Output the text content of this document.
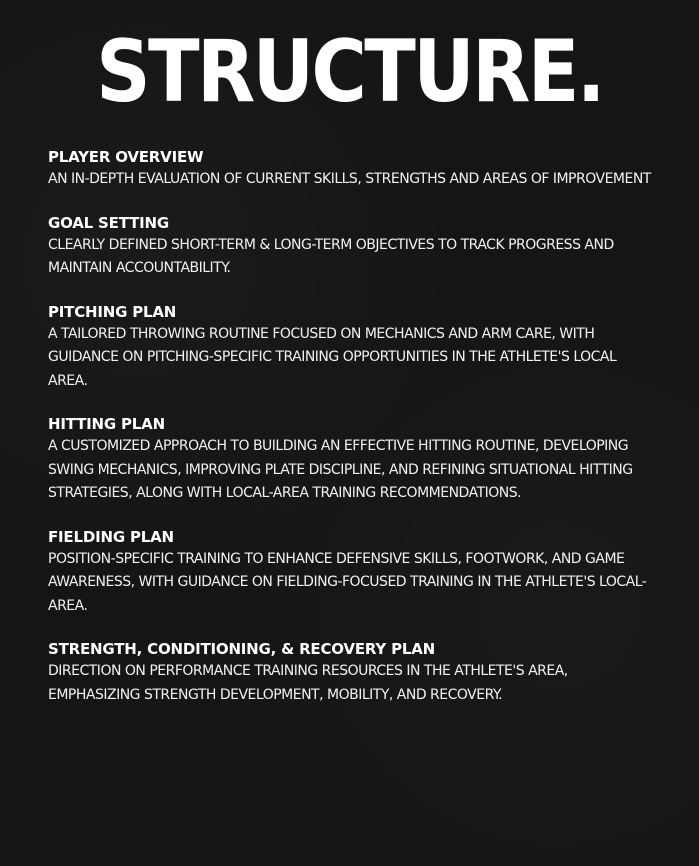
STRUCTURE.
PLAYER OVERVIEW
AN IN-DEPTH EVALUATION OF CURRENT SKILLS, STRENGTHS AND AREAS OF IMPROVEMENT
GOAL SETTING
CLEARLY DEFINED SHORT-TERM & LONG-TERM OBJECTIVES TO TRACK PROGRESS AND MAINTAIN ACCOUNTABILITY.
PITCHING PLAN
A TAILORED THROWING ROUTINE FOCUSED ON MECHANICS AND ARM CARE, WITH GUIDANCE ON PITCHING-SPECIFIC TRAINING OPPORTUNITIES IN THE ATHLETE'S LOCAL AREA.
HITTING PLAN
A CUSTOMIZED APPROACH TO BUILDING AN EFFECTIVE HITTING ROUTINE, DEVELOPING SWING MECHANICS, IMPROVING PLATE DISCIPLINE, AND REFINING SITUATIONAL HITTING STRATEGIES, ALONG WITH LOCAL-AREA TRAINING RECOMMENDATIONS.
FIELDING PLAN
POSITION-SPECIFIC TRAINING TO ENHANCE DEFENSIVE SKILLS, FOOTWORK, AND GAME AWARENESS, WITH GUIDANCE ON FIELDING-FOCUSED TRAINING IN THE ATHLETE'S LOCAL-AREA.
STRENGTH, CONDITIONING, & RECOVERY PLAN
DIRECTION ON PERFORMANCE TRAINING RESOURCES IN THE ATHLETE'S AREA, EMPHASIZING STRENGTH DEVELOPMENT, MOBILITY, AND RECOVERY.
